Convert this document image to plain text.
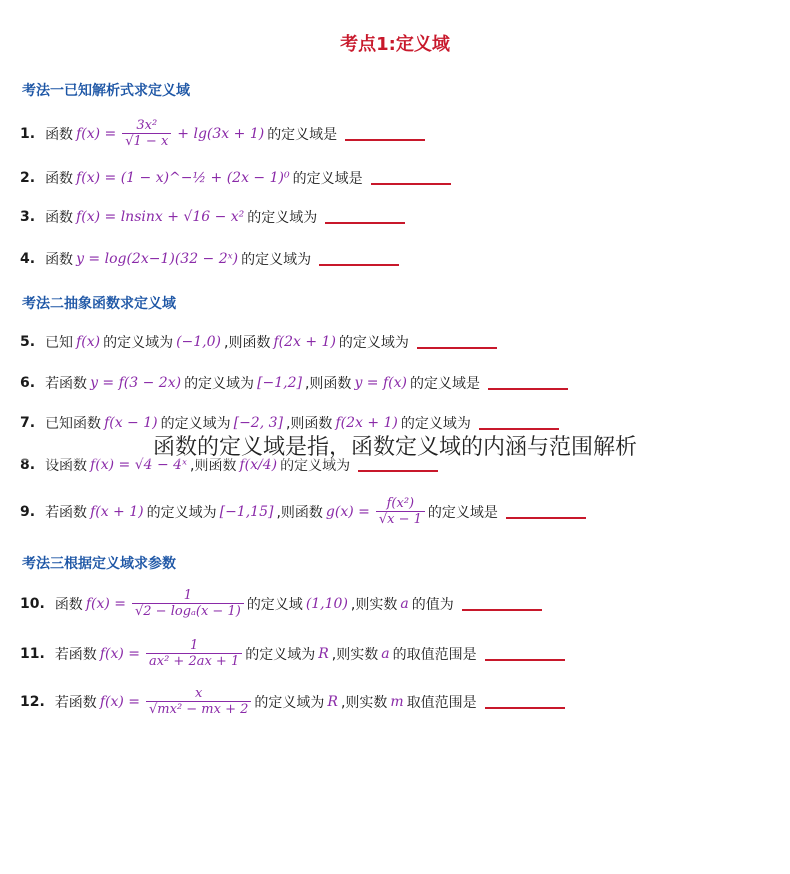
考点1:定义域
考法一已知解析式求定义域
1. 函数 $f(x) = \frac{\text{3x²}}{√1 - x} + \lg(3x + 1)$ 的定义域是
2. 函数 f(x) = (1 − x)^−½ + (2x − 1)⁰ 的定义域是
3. 函数 f(x) = lnsinx + √16 − x² 的定义域为
4. 函数 y = log(2x−1)(32 − 2ˣ) 的定义域为
考法二抽象函数求定义域
5. 已知 f(x) 的定义域为 (−1,0) ,则函数 f(2x + 1) 的定义域为
6. 若函数 y = f(3 − 2x) 的定义域为 [−1,2] ,则函数 y = f(x) 的定义域是
7. 已知函数 f(x − 1) 的定义域为 [−2, 3] ,则函数 f(2x + 1) 的定义域为
8. 设函数 f(x) = √4 − 4ˣ ,则函数 f(x/4) 的定义域为
9. 若函数 f(x + 1) 的定义域为 [−1,15] ,则函数 $g(x) = \frac{\text{f(x²)}}{√x - 1}$ 的定义域是
考法三根据定义域求参数
10. 函数 $f(x) = \frac{1}{\text{√2 − logₐ(x − 1)}}$ 的定义域 (1,10) ,则实数 a 的值为
11. 若函数 $f(x) = \frac{1}{\text{ax² + 2ax + 1}}$ 的定义域为 R ,则实数 a 的取值范围是
12. 若函数 $f(x) = \frac{x}{\text{√mx² − mx + 2}}$ 的定义域为 R ,则实数 m 取值范围是
函数的定义域是指，函数定义域的内涵与范围解析
